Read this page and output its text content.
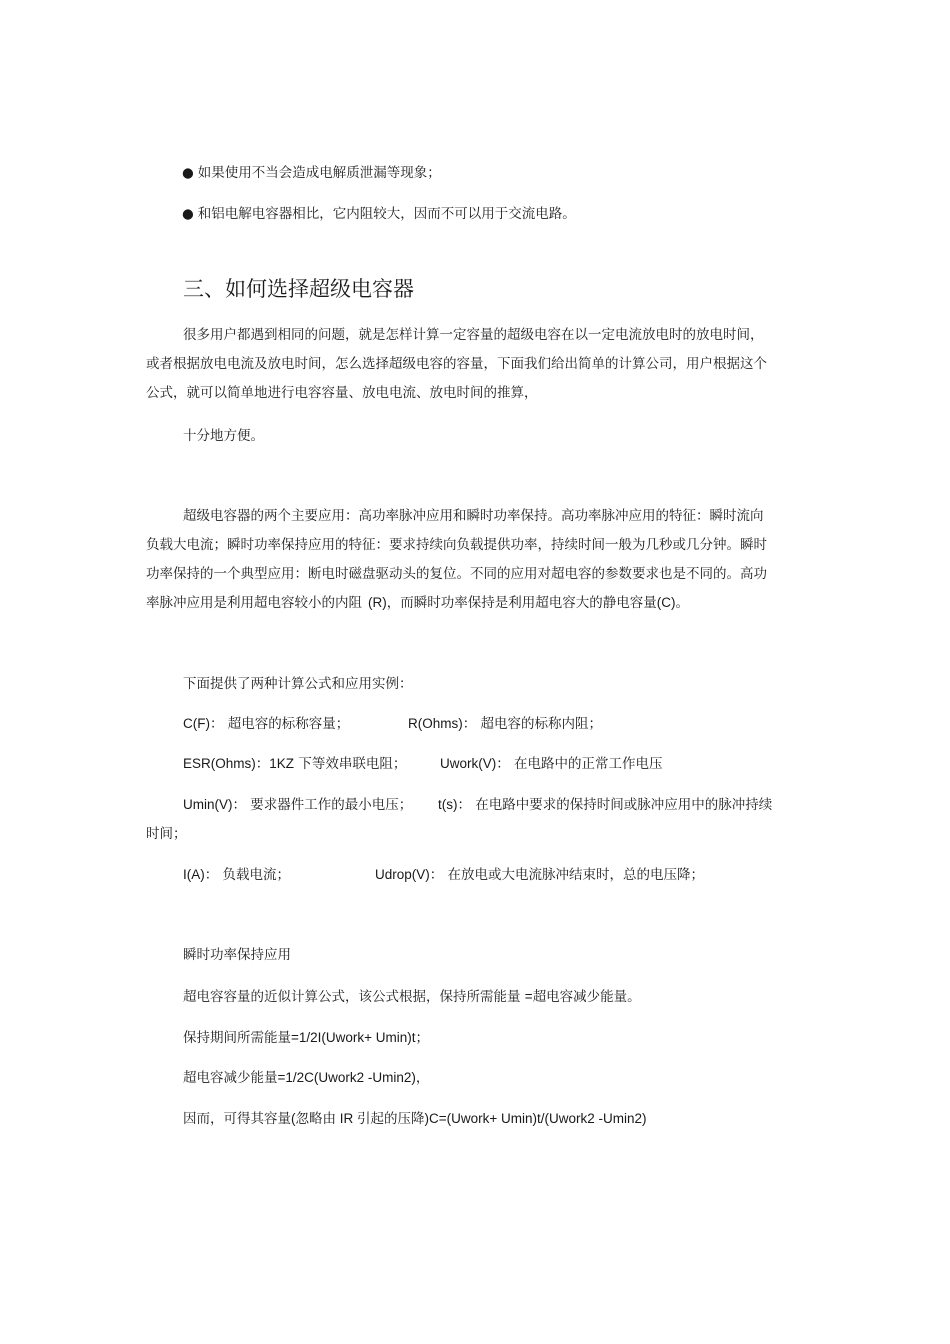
● 如果使用不当会造成电解质泄漏等现象；
● 和铝电解电容器相比，它内阻较大，因而不可以用于交流电路。
三、如何选择超级电容器
很多用户都遇到相同的问题，就是怎样计算一定容量的超级电容在以一定电流放电时的放电时间，
或者根据放电电流及放电时间，怎么选择超级电容的容量，下面我们给出简单的计算公司，用户根据这个
公式，就可以简单地进行电容容量、放电电流、放电时间的推算，
十分地方便。
超级电容器的两个主要应用：高功率脉冲应用和瞬时功率保持。高功率脉冲应用的特征：瞬时流向
负载大电流；瞬时功率保持应用的特征：要求持续向负载提供功率，持续时间一般为几秒或几分钟。瞬时
功率保持的一个典型应用：断电时磁盘驱动头的复位。不同的应用对超电容的参数要求也是不同的。高功
率脉冲应用是利用超电容较小的内阻 (R)，而瞬时功率保持是利用超电容大的静电容量(C)。
下面提供了两种计算公式和应用实例：
C(F)： 超电容的标称容量；	R(Ohms)： 超电容的标称内阻；
ESR(Ohms)：1KZ 下等效串联电阻； Uwork(V)： 在电路中的正常工作电压
Umin(V)： 要求器件工作的最小电压； t(s)： 在电路中要求的保持时间或脉冲应用中的脉冲持续
时间；
I(A)： 负载电流；	Udrop(V)： 在放电或大电流脉冲结束时，总的电压降；
瞬时功率保持应用
超电容容量的近似计算公式，该公式根据，保持所需能量 =超电容减少能量。
保持期间所需能量=1/2I(Uwork+ Umin)t；
超电容减少能量=1/2C(Uwork2 -Umin2)，
因而，可得其容量(忽略由 IR 引起的压降)C=(Uwork+ Umin)t/(Uwork2 -Umin2)
